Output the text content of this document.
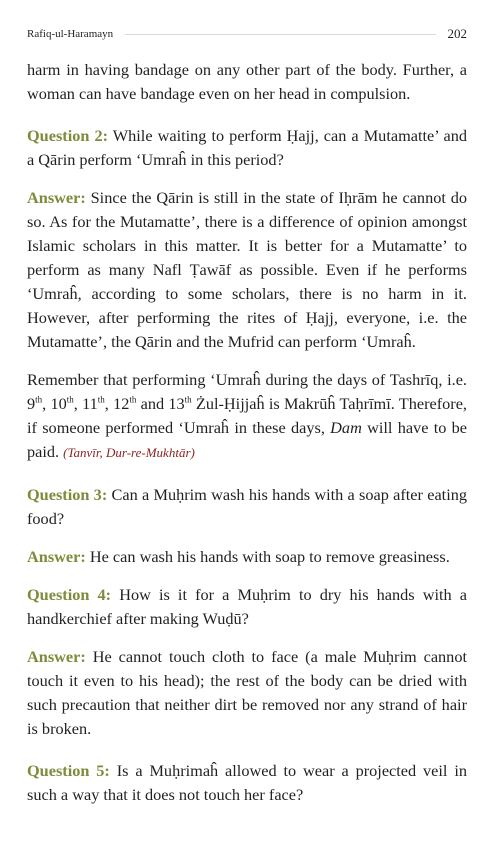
Rafiq-ul-Haramayn	202

harm in having bandage on any other part of the body. Further, a woman can have bandage even on her head in compulsion.

Question 2: While waiting to perform Ḥajj, can a Mutamatte’ and a Qārin perform ‘Umraĥ in this period?

Answer: Since the Qārin is still in the state of Iḥrām he cannot do so. As for the Mutamatte’, there is a difference of opinion amongst Islamic scholars in this matter. It is better for a Mutamatte’ to perform as many Nafl Ṭawāf as possible. Even if he performs ‘Umraĥ, according to some scholars, there is no harm in it. However, after performing the rites of Ḥajj, everyone, i.e. the Mutamatte’, the Qārin and the Mufrid can perform ‘Umraĥ.

Remember that performing ‘Umraĥ during the days of Tashrīq, i.e. 9th, 10th, 11th, 12th and 13th Żul-Ḥijjaĥ is Makrūĥ Taḥrīmī. Therefore, if someone performed ‘Umraĥ in these days, Dam will have to be paid. (Tanvīr, Dur-re-Mukhtār)

Question 3: Can a Muḥrim wash his hands with a soap after eating food?

Answer: He can wash his hands with soap to remove greasiness.

Question 4: How is it for a Muḥrim to dry his hands with a handkerchief after making Wuḍū?

Answer: He cannot touch cloth to face (a male Muḥrim cannot touch it even to his head); the rest of the body can be dried with such precaution that neither dirt be removed nor any strand of hair is broken.

Question 5: Is a Muḥrimaĥ allowed to wear a projected veil in such a way that it does not touch her face?
